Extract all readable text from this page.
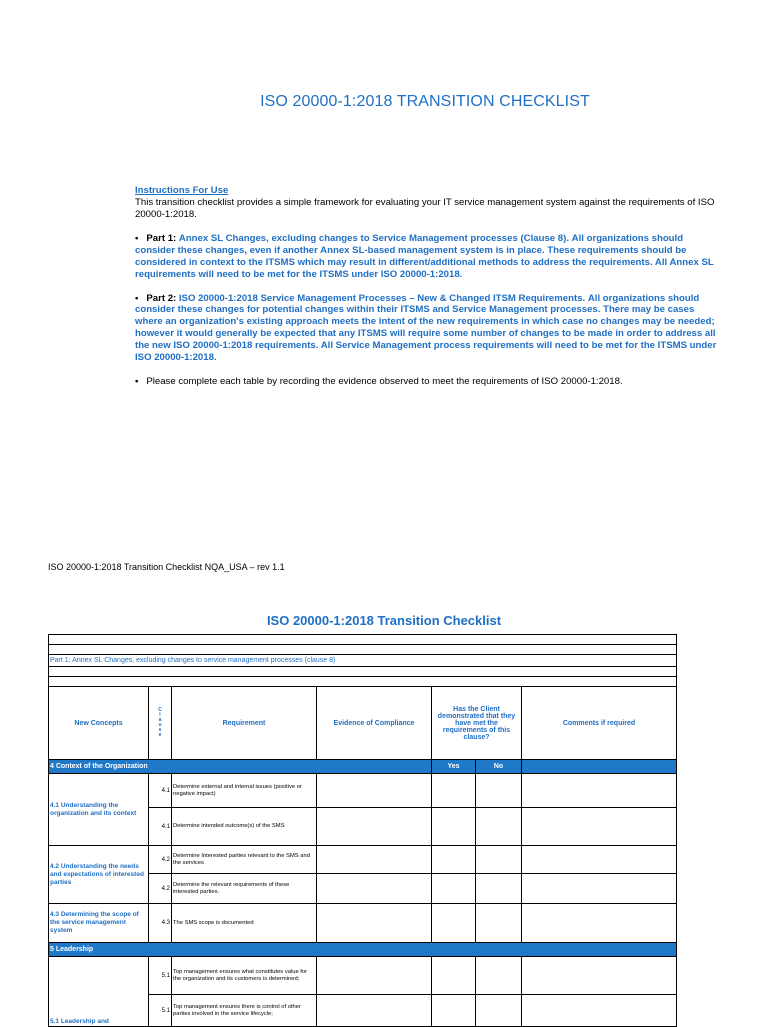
ISO 20000-1:2018 TRANSITION CHECKLIST
Instructions For Use

This transition checklist provides a simple framework for evaluating your IT service management system against the requirements of ISO 20000-1:2018.

• Part 1: Annex SL Changes, excluding changes to Service Management processes (Clause 8). All organizations should consider these changes, even if another Annex SL-based management system is in place. These requirements should be considered in context to the ITSMS which may result in different/additional methods to address the requirements. All Annex SL requirements will need to be met for the ITSMS under ISO 20000-1:2018.

• Part 2: ISO 20000-1:2018 Service Management Processes – New & Changed ITSM Requirements. All organizations should consider these changes for potential changes within their ITSMS and Service Management processes. There may be cases where an organization's existing approach meets the intent of the new requirements in which case no changes may be needed; however it would generally be expected that any ITSMS will require some number of changes to be made in order to address all the new ISO 20000-1:2018 requirements. All Service Management process requirements will need to be met for the ITSMS under ISO 20000-1:2018.

• Please complete each table by recording the evidence observed to meet the requirements of ISO 20000-1:2018.

ISO 20000-1:2018 Transition Checklist NQA_USA – rev 1.1
ISO 20000-1:2018 Transition Checklist

Part 1: Annex SL Changes, excluding changes to service management processes (clause 8)						

New Concepts	Clause	Requirement	Evidence of Compliance	Has the Client demonstrated that they have met the requirements of this clause?		Comments if required
4 Context of the Organization				Yes	No	
4.1 Understanding the organization and its context	4.1	Determine external and internal issues (positive or negative impact)				
	4.1	Determine intended outcome(s) of the SMS				
4.2 Understanding the needs and expectations of interested parties	4.2	Determine Interested parties relevant to the SMS and the services				
	4.2	Determine the relevant requirements of these interested parties.				
4.3 Determining the scope of the service management system	4.3	The SMS scope is documented				
5 Leadership						
5.1 Leadership and	5.1	Top management ensures what constitutes value for the organization and its customers is determined;				
	5.1	Top management ensures there is control of other parties involved in the service lifecycle;				
